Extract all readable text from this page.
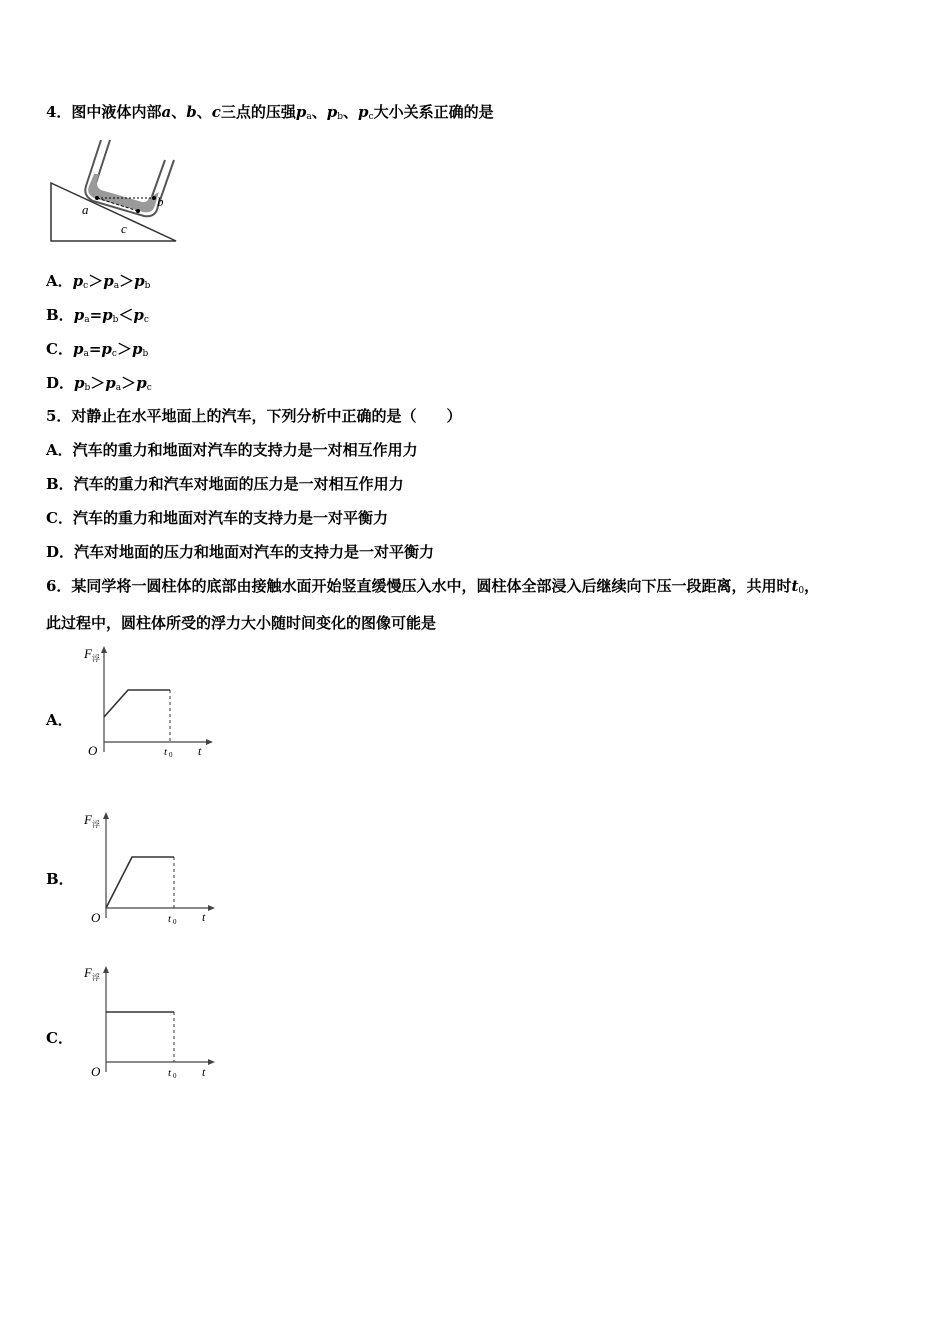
4．图中液体内部a、b、c三点的压强$p_a$、$p_b$、$p_c$大小关系正确的是
a
b
c
A．$p_c>p_a>p_b$
B．$p_a=p_b<p_c$
C．$p_a=p_c>p_b$
D．$p_b>p_a>p_c$
5．对静止在水平地面上的汽车，下列分析中正确的是（　　）
A．汽车的重力和地面对汽车的支持力是一对相互作用力
B．汽车的重力和汽车对地面的压力是一对相互作用力
C．汽车的重力和地面对汽车的支持力是一对平衡力
D．汽车对地面的压力和地面对汽车的支持力是一对平衡力
6．某同学将一圆柱体的底部由接触水面开始竖直缓慢压入水中，圆柱体全部浸入后继续向下压一段距离，共用时$t_0$，
此过程中，圆柱体所受的浮力大小随时间变化的图像可能是
A．
F 浮
O	t 0 t
B．
F 浮
O	t 0 t
C．
F 浮
O	t 0 t
